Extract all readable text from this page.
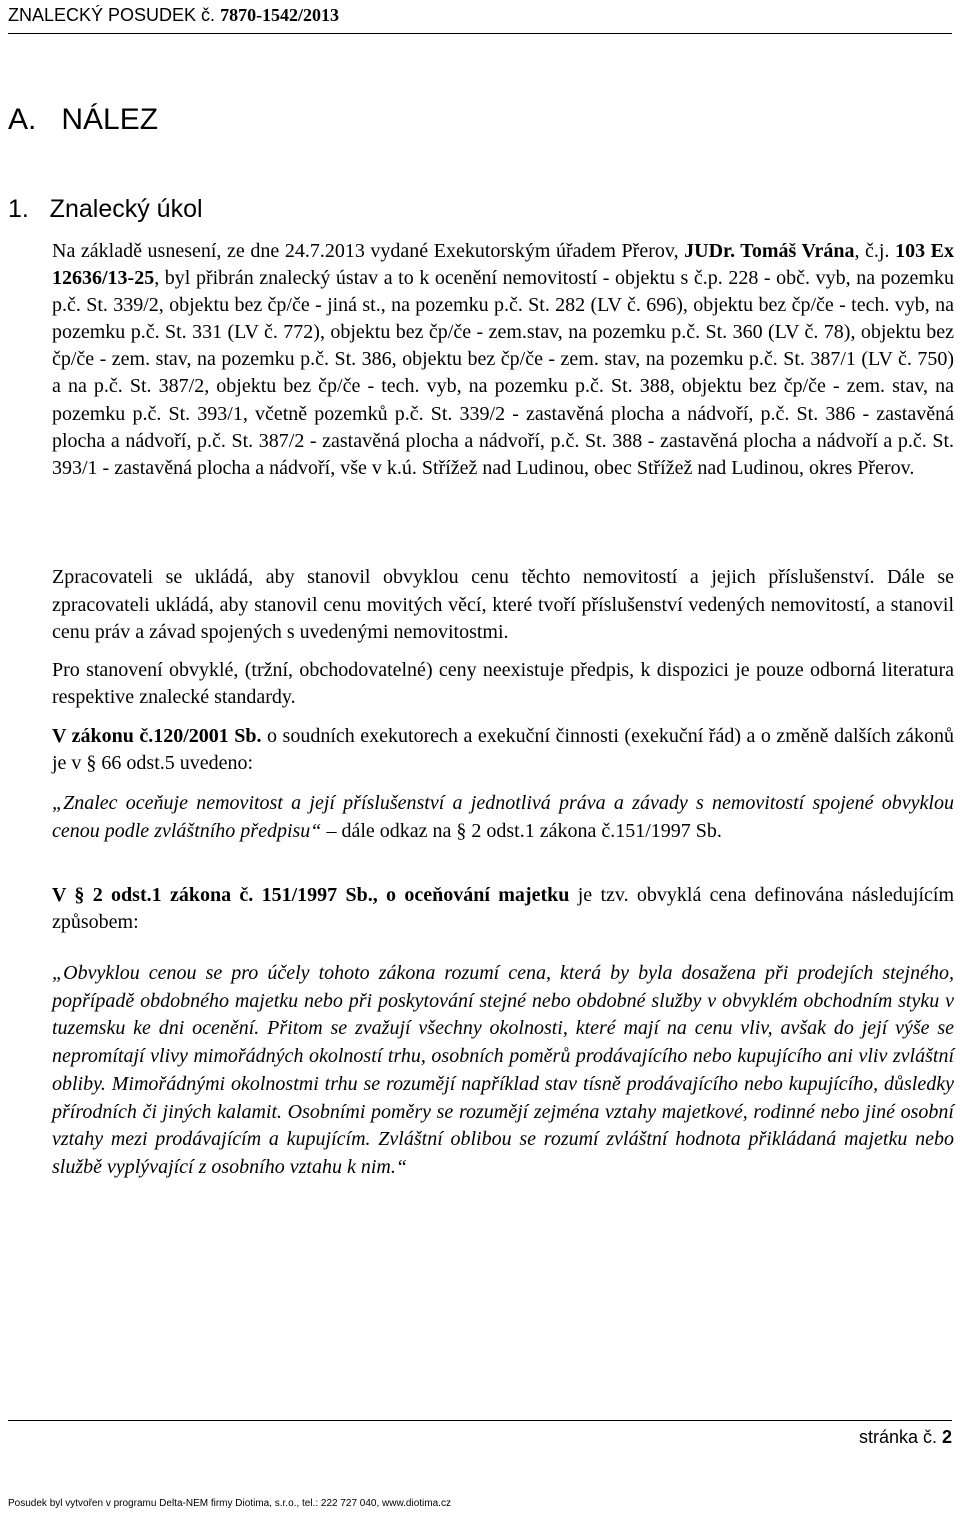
ZNALECKÝ POSUDEK č. 7870-1542/2013
A.   NÁLEZ
1.   Znalecký úkol

Na základě usnesení, ze dne 24.7.2013 vydané Exekutorským úřadem Přerov, JUDr. Tomáš Vrána, č.j. 103 Ex 12636/13-25, byl přibrán znalecký ústav a to k ocenění nemovitostí - objektu s č.p. 228 - obč. vyb, na pozemku p.č. St. 339/2, objektu bez čp/če - jiná st., na pozemku p.č. St. 282 (LV č. 696), objektu bez čp/če - tech. vyb, na pozemku p.č. St. 331 (LV č. 772), objektu bez čp/če - zem.stav, na pozemku p.č. St. 360 (LV č. 78), objektu bez čp/če - zem. stav, na pozemku p.č. St. 386, objektu bez čp/če - zem. stav, na pozemku p.č. St. 387/1 (LV č. 750) a na p.č. St. 387/2, objektu bez čp/če - tech. vyb, na pozemku p.č. St. 388, objektu bez čp/če - zem. stav, na pozemku p.č. St. 393/1, včetně pozemků p.č. St. 339/2 - zastavěná plocha a nádvoří, p.č. St. 386 - zastavěná plocha a nádvoří, p.č. St. 387/2 - zastavěná plocha a nádvoří, p.č. St. 388 - zastavěná plocha a nádvoří a p.č. St. 393/1 - zastavěná plocha a nádvoří, vše v k.ú. Střížež nad Ludinou, obec Střížež nad Ludinou, okres Přerov.

Zpracovateli se ukládá, aby stanovil obvyklou cenu těchto nemovitostí a jejich příslušenství. Dále se zpracovateli ukládá, aby stanovil cenu movitých věcí, které tvoří příslušenství vedených nemovitostí, a stanovil cenu práv a závad spojených s uvedenými nemovitostmi.

Pro stanovení obvyklé, (tržní, obchodovatelné) ceny neexistuje předpis, k dispozici je pouze odborná literatura respektive znalecké standardy.

V zákonu č.120/2001 Sb. o soudních exekutorech a exekuční činnosti (exekuční řád) a o změně dalších zákonů je v § 66 odst.5 uvedeno:

„Znalec oceňuje nemovitost a její příslušenství a jednotlivá práva a závady s nemovitostí spojené obvyklou cenou podle zvláštního předpisu“ – dále odkaz na § 2 odst.1 zákona č.151/1997 Sb.

V § 2 odst.1 zákona č. 151/1997 Sb., o oceňování majetku je tzv. obvyklá cena definována následujícím způsobem:

„Obvyklou cenou se pro účely tohoto zákona rozumí cena, která by byla dosažena při prodejích stejného, popřípadě obdobného majetku nebo při poskytování stejné nebo obdobné služby v obvyklém obchodním styku v tuzemsku ke dni ocenění. Přitom se zvažují všechny okolnosti, které mají na cenu vliv, avšak do její výše se nepromítají vlivy mimořádných okolností trhu, osobních poměrů prodávajícího nebo kupujícího ani vliv zvláštní obliby. Mimořádnými okolnostmi trhu se rozumějí například stav tísně prodávajícího nebo kupujícího, důsledky přírodních či jiných kalamit. Osobními poměry se rozumějí zejména vztahy majetkové, rodinné nebo jiné osobní vztahy mezi prodávajícím a kupujícím. Zvláštní oblibou se rozumí zvláštní hodnota přikládaná majetku nebo službě vyplývající z osobního vztahu k nim.“

stránka č. 2
Posudek byl vytvořen v programu Delta-NEM firmy Diotima, s.r.o., tel.: 222 727 040, www.diotima.cz
